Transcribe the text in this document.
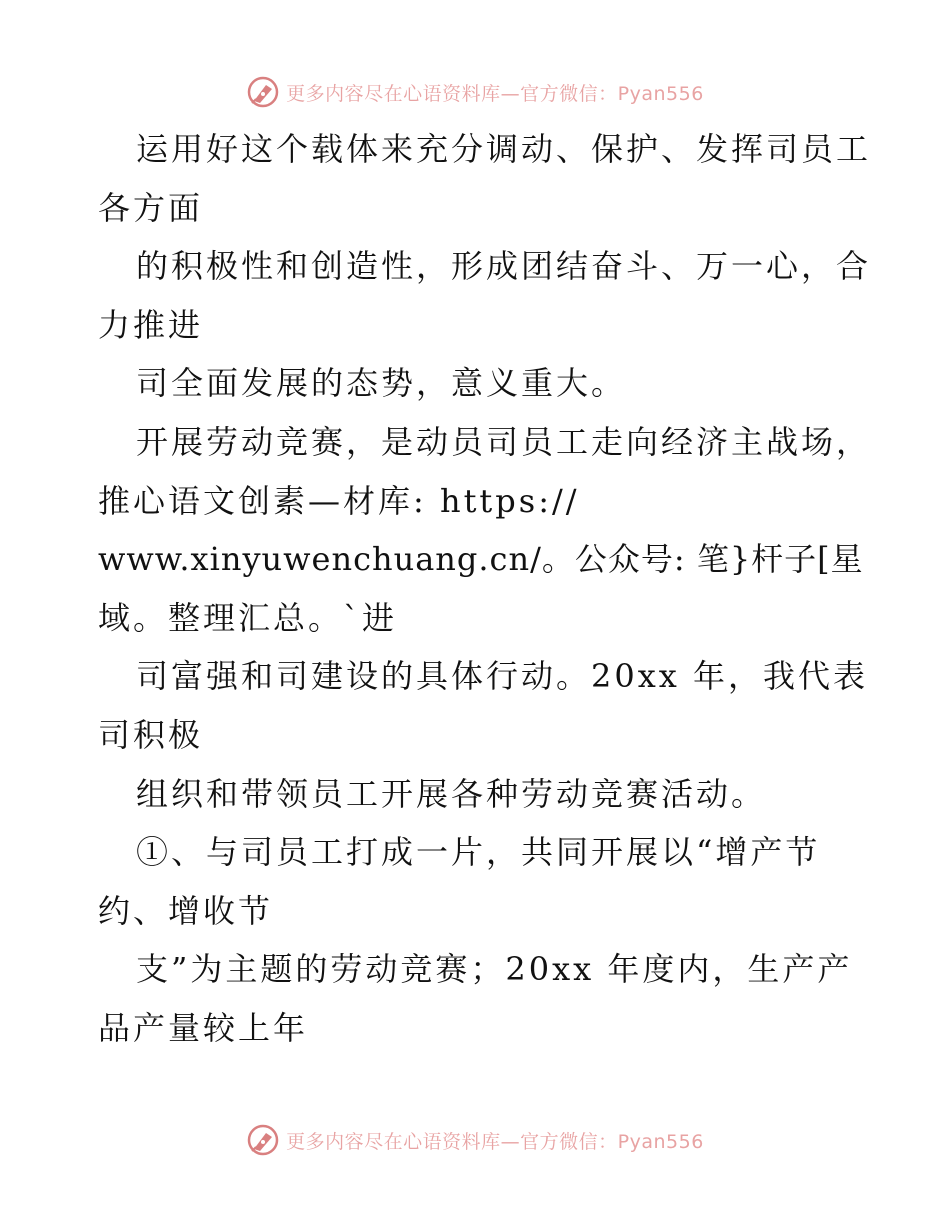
更多内容尽在心语资料库—官方微信：Pyan556
运用好这个载体来充分调动、保护、发挥司员工
各方面
的积极性和创造性，形成团结奋斗、万一心，合
力推进
司全面发展的态势，意义重大。
开展劳动竞赛，是动员司员工走向经济主战场，
推心语文创素—材库: https://
www.xinyuwenchuang.cn/。公众号: 笔}杆子[星
域。整理汇总。`进
司富强和司建设的具体行动。20xx 年，我代表
司积极
组织和带领员工开展各种劳动竞赛活动。
①、与司员工打成一片，共同开展以“增产节
约、增收节
支”为主题的劳动竞赛；20xx 年度内，生产产
品产量较上年
更多内容尽在心语资料库—官方微信：Pyan556
